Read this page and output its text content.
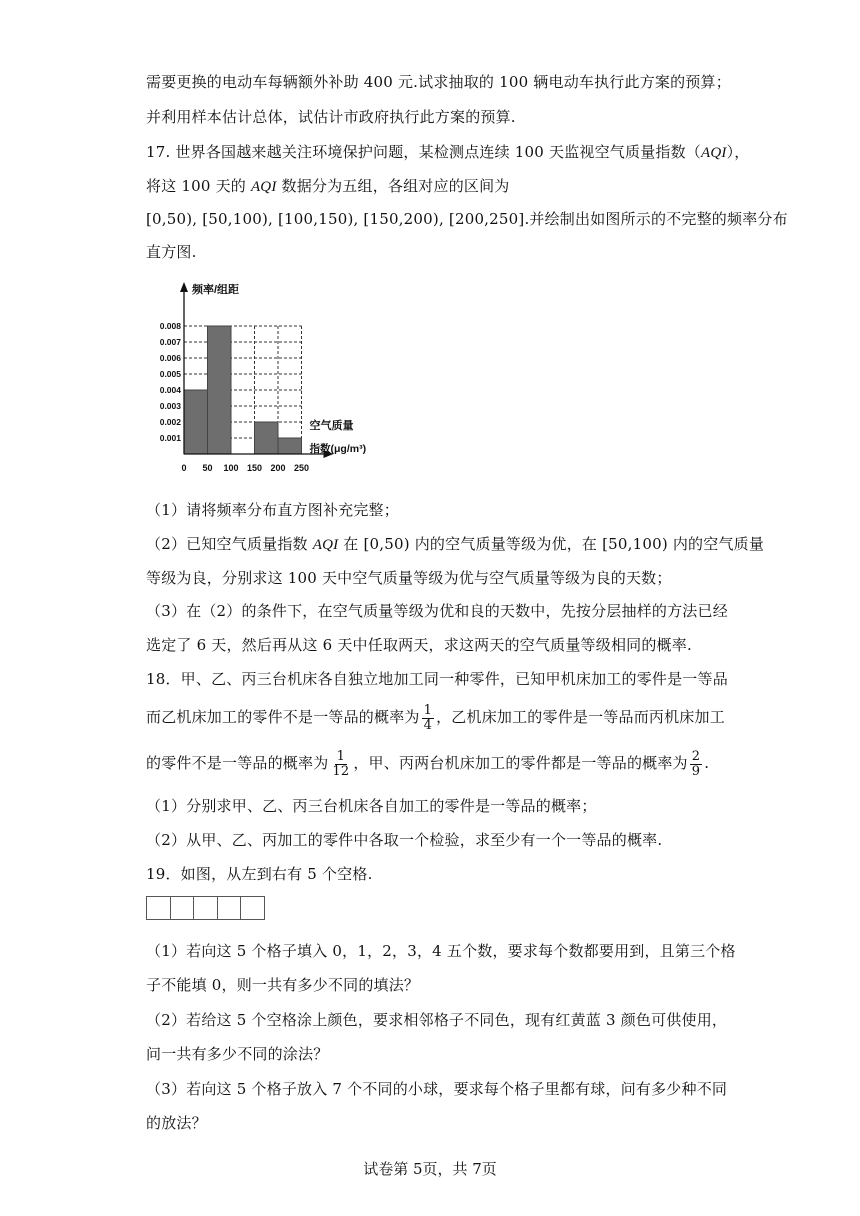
需要更换的电动车每辆额外补助 400 元.试求抽取的 100 辆电动车执行此方案的预算；
并利用样本估计总体，试估计市政府执行此方案的预算.
17. 世界各国越来越关注环境保护问题，某检测点连续 100 天监视空气质量指数（AQI），
将这 100 天的 AQI 数据分为五组，各组对应的区间为
[0,50), [50,100), [100,150), [150,200), [200,250].并绘制出如图所示的不完整的频率分布
直方图.
0.001
0.002
0.003
0.004
0.005
0.006
0.007
0.008
0 50 100 150 200 250
频率/组距
空气质量
指数(μg/m³)
（1）请将频率分布直方图补充完整；
（2）已知空气质量指数 AQI 在 [0,50) 内的空气质量等级为优，在 [50,100) 内的空气质量
等级为良，分别求这 100 天中空气质量等级为优与空气质量等级为良的天数；
（3）在（2）的条件下，在空气质量等级为优和良的天数中，先按分层抽样的方法已经
选定了 6 天，然后再从这 6 天中任取两天，求这两天的空气质量等级相同的概率.
18．甲、乙、丙三台机床各自独立地加工同一种零件，已知甲机床加工的零件是一等品
而乙机床加工的零件不是一等品的概率为 $\frac{1}{4}$ ，乙机床加工的零件是一等品而丙机床加工
的零件不是一等品的概率为 $\frac{1}{12}$ ，甲、丙两台机床加工的零件都是一等品的概率为 $\frac{2}{9}$ .
（1）分别求甲、乙、丙三台机床各自加工的零件是一等品的概率；
（2）从甲、乙、丙加工的零件中各取一个检验，求至少有一个一等品的概率.
19．如图，从左到右有 5 个空格.
（1）若向这 5 个格子填入 0，1，2，3，4 五个数，要求每个数都要用到，且第三个格
子不能填 0，则一共有多少不同的填法？
（2）若给这 5 个空格涂上颜色，要求相邻格子不同色，现有红黄蓝 3 颜色可供使用，
问一共有多少不同的涂法？
（3）若向这 5 个格子放入 7 个不同的小球，要求每个格子里都有球，问有多少种不同
的放法？
试卷第 5页，共 7页
